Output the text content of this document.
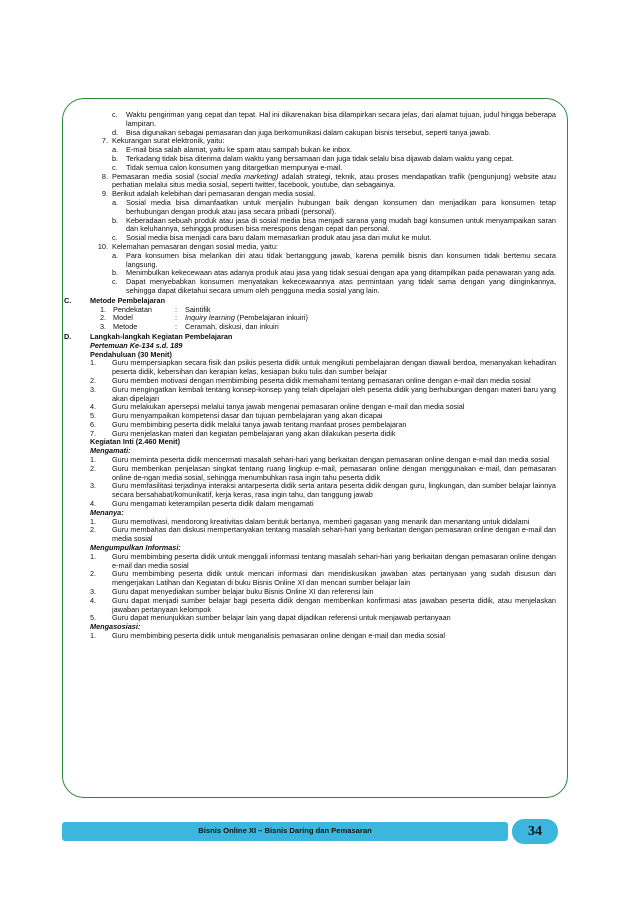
c.	Waktu pengiriman yang cepat dan tepat. Hal ini dikarenakan bisa dilampirkan secara jelas, dari alamat tujuan, judul hingga beberapa lampiran.
d.	Bisa digunakan sebagai pemasaran dan juga berkomunikasi dalam cakupan bisnis tersebut, seperti tanya jawab.
7. Kekurangan surat elektronik, yaitu:
a.	E-mail bisa salah alamat, yaitu ke spam atau sampah bukan ke inbox.
b.	Terkadang tidak bisa diterima dalam waktu yang bersamaan dan juga tidak selalu bisa dijawab dalam waktu yang cepat.
c.	Tidak semua calon konsumen yang ditargetkan mempunyai e-mail.
8. Pemasaran media sosial (social media marketing) adalah strategi, teknik, atau proses mendapatkan trafik (pengunjung) website atau perhatian melalui situs media sosial, seperti twitter, facebook, youtube, dan sebagainya.
9. Berikut adalah kelebihan dari pemasaran dengan media sosial.
a.	Sosial media bisa dimanfaatkan untuk menjalin hubungan baik dengan konsumen dan menjadikan para konsumen tetap berhubungan dengan produk atau jasa secara pribadi (personal).
b.	Keberadaan sebuah produk atau jasa di sosial media bisa menjadi sarana yang mudah bagi konsumen untuk menyampaikan saran dan keluhannya, sehingga produsen bisa merespons dengan cepat dan personal.
c.	Sosial media bisa menjadi cara baru dalam memasarkan produk atau jasa dari mulut ke mulut.
10. Kelemahan pemasaran dengan sosial media, yaitu:
a.	Para konsumen bisa melarikan diri atau tidak bertanggung jawab, karena pemilik bisnis dan konsumen tidak bertemu secara langsung.
b.	Menimbulkan kekecewaan atas adanya produk atau jasa yang tidak sesuai dengan apa yang ditampilkan pada penawaran yang ada.
c.	Dapat menyebabkan konsumen menyatakan kekecewaannya atas permintaan yang tidak sama dengan yang diinginkannya, sehingga dapat diketahui secara umum oleh pengguna media sosial yang lain.
C.	Metode Pembelajaran
1. Pendekatan	:	Saintifik
2. Model	:	Inquiry learning (Pembelajaran inkuiri)
3. Metode	:	Ceramah, diskusi, dan inkuiri
D.	Langkah-langkah Kegiatan Pembelajaran
Pertemuan Ke-134 s.d. 189
Pendahuluan (30 Menit)
1.	Guru mempersiapkan secara fisik dan psikis peserta didik untuk mengikuti pembelajaran dengan diawali berdoa, menanyakan kehadiran peserta didik, kebersihan dan kerapian kelas, kesiapan buku tulis dan sumber belajar
2.	Guru memberi motivasi dengan membimbing peserta didik memahami tentang pemasaran online dengan e-mail dan media sosial
3.	Guru mengingatkan kembali tentang konsep-konsep yang telah dipelajari oleh peserta didik yang berhubungan dengan materi baru yang akan dipelajari
4.	Guru melakukan apersepsi melalui tanya jawab mengenai pemasaran online dengan e-mail dan media sosial
5.	Guru menyampaikan kompetensi dasar dan tujuan pembelajaran yang akan dicapai
6.	Guru membimbing peserta didik melalui tanya jawab tentang manfaat proses pembelajaran
7.	Guru menjelaskan materi dan kegiatan pembelajaran yang akan dilakukan peserta didik
Kegiatan Inti (2.460 Menit)
Mengamati:
1.	Guru meminta peserta didik mencermati masalah sehari-hari yang berkaitan dengan pemasaran online dengan e-mail dan media sosial
2.	Guru memberikan penjelasan singkat tentang ruang lingkup e-mail, pemasaran online dengan menggunakan e-mail, dan pemasaran online de-ngan media sosial, sehingga menumbuhkan rasa ingin tahu peserta didik
3.	Guru memfasilitasi terjadinya interaksi antarpeserta didik serta antara peserta didik dengan guru, lingkungan, dan sumber belajar lainnya secara bersahabat/komunikatif, kerja keras, rasa ingin tahu, dan tanggung jawab
4.	Guru mengamati keterampilan peserta didik dalam mengamati
Menanya:
1.	Guru memotivasi, mendorong kreativitas dalam bentuk bertanya, memberi gagasan yang menarik dan menantang untuk didalami
2.	Guru membahas dan diskusi mempertanyakan tentang masalah sehari-hari yang berkaitan dengan pemasaran online dengan e-mail dan media sosial
Mengumpulkan Informasi:
1.	Guru membimbing peserta didik untuk menggali informasi tentang masalah sehari-hari yang berkaitan dengan pemasaran online dengan e-mail dan media sosial
2.	Guru membimbing peserta didik untuk mencari informasi dan mendiskusikan jawaban atas pertanyaan yang sudah disusun dan mengerjakan Latihan dan Kegiatan di buku Bisnis Online XI dan mencari sumber belajar lain
3.	Guru dapat menyediakan sumber belajar buku Bisnis Online XI dan referensi lain
4.	Guru dapat menjadi sumber belajar bagi peserta didik dengan memberikan konfirmasi atas jawaban peserta didik, atau menjelaskan jawaban pertanyaan kelompok
5.	Guru dapat menunjukkan sumber belajar lain yang dapat dijadikan referensi untuk menjawab pertanyaan
Mengasosiasi:
1.	Guru membimbing peserta didik untuk menganalisis pemasaran online dengan e-mail dan media sosial
Bisnis Online XI – Bisnis Daring dan Pemasaran	34
